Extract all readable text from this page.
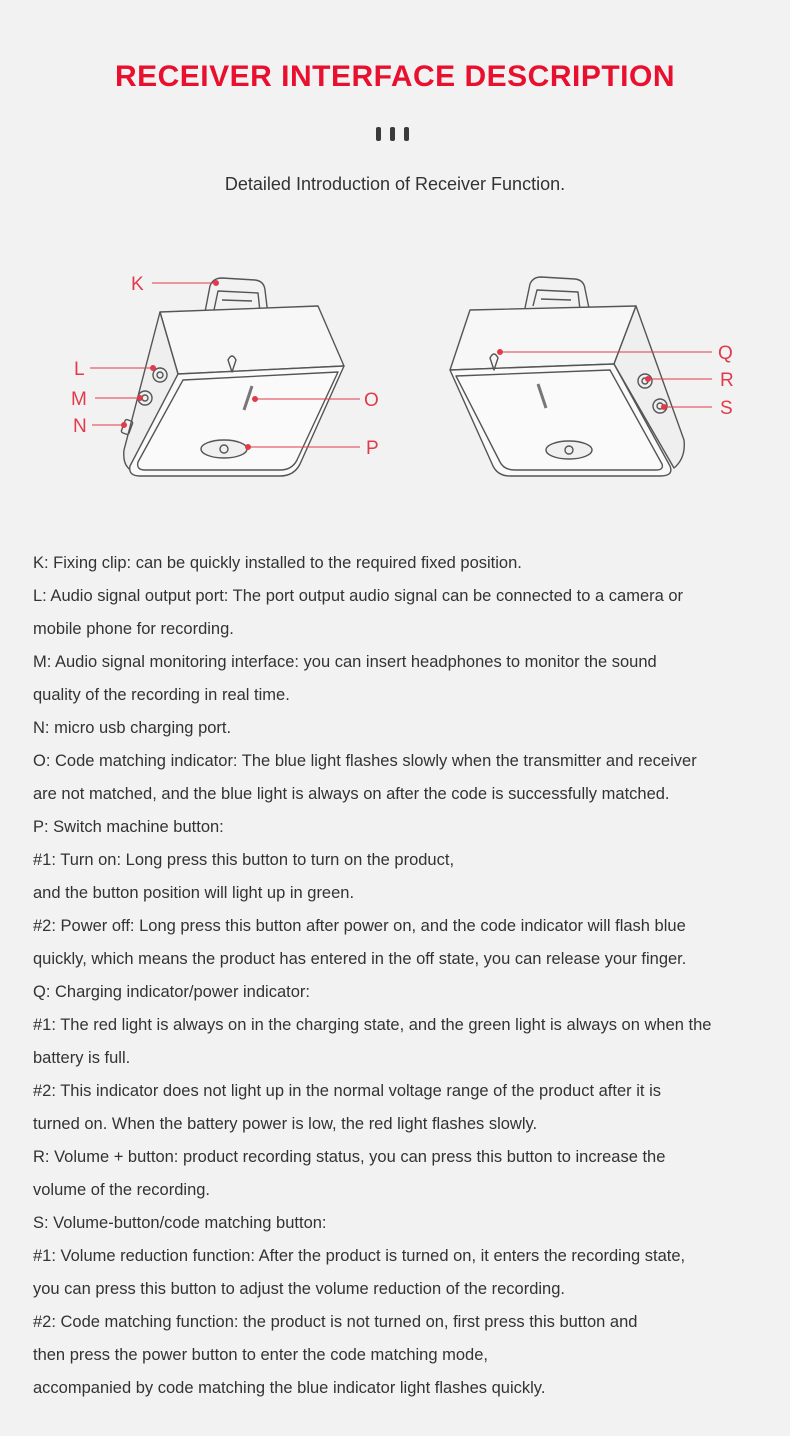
RECEIVER INTERFACE DESCRIPTION

Detailed Introduction of Receiver Function.

K
L
M
N
O
P
Q
R
S

K: Fixing clip: can be quickly installed to the required fixed position.

L: Audio signal output port: The port output audio signal can be connected to a camera or

mobile phone for recording.

M: Audio signal monitoring interface: you can insert headphones to monitor the sound

quality of the recording in real time.

N: micro usb charging port.

O: Code matching indicator: The blue light flashes slowly when the transmitter and receiver

are not matched, and the blue light is always on after the code is successfully matched.

P: Switch machine button:

#1: Turn on: Long press this button to turn on the product,

and the button position will light up in green.

#2: Power off: Long press this button after power on, and the code indicator will flash blue

quickly, which means the product has entered in the off state, you can release your finger.

Q: Charging indicator/power indicator:

#1: The red light is always on in the charging state, and the green light is always on when the

battery is full.

#2: This indicator does not light up in the normal voltage range of the product after it is

turned on. When the battery power is low, the red light flashes slowly.

R: Volume + button: product recording status, you can press this button to increase the

volume of the recording.

S: Volume-button/code matching button:

#1: Volume reduction function: After the product is turned on, it enters the recording state,

you can press this button to adjust the volume reduction of the recording.

#2: Code matching function: the product is not turned on, first press this button and

then press the power button to enter the code matching mode,

accompanied by code matching the blue indicator light flashes quickly.
